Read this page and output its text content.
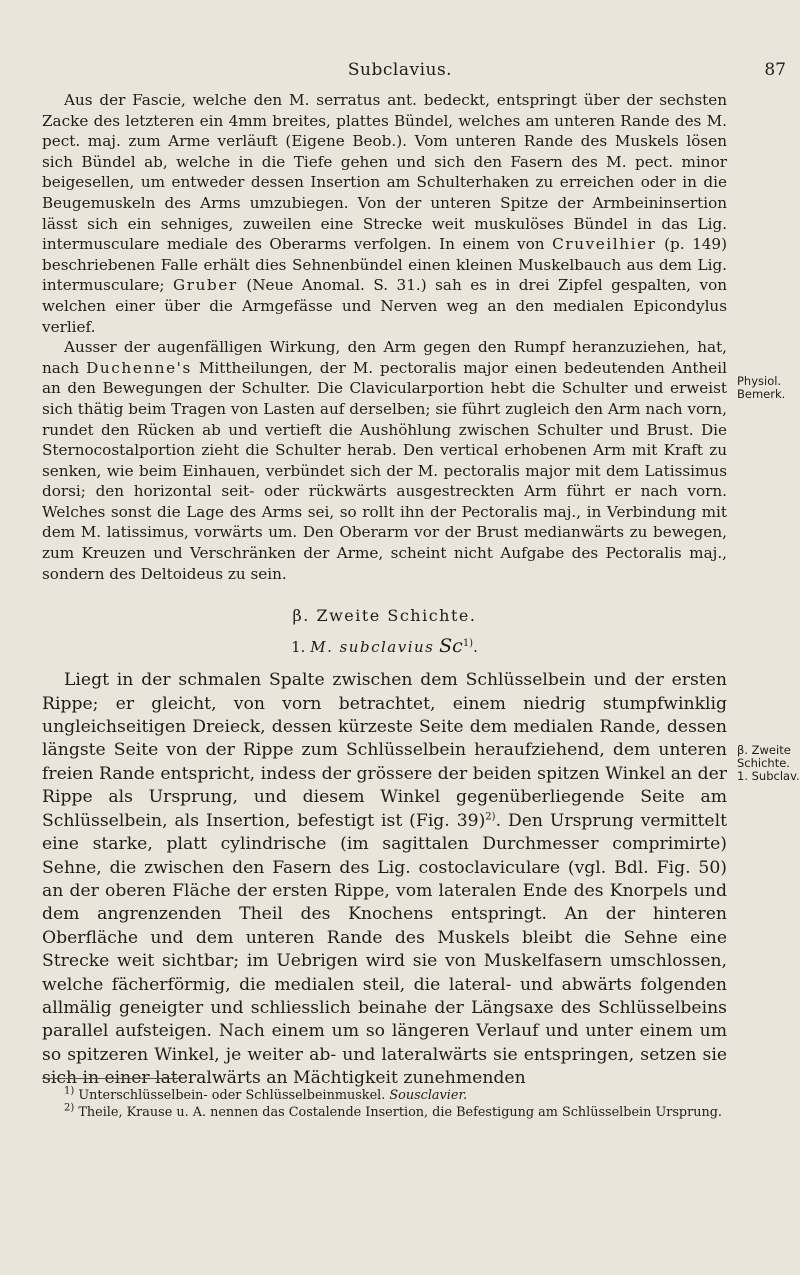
Subclavius.	87

Aus der Fascie, welche den M. serratus ant. bedeckt, entspringt über der sechsten Zacke des letzteren ein 4mm breites, plattes Bündel, welches am unteren Rande des M. pect. maj. zum Arme verläuft (Eigene Beob.). Vom unteren Rande des Muskels lösen sich Bündel ab, welche in die Tiefe gehen und sich den Fasern des M. pect. minor beigesellen, um entweder dessen Insertion am Schulterhaken zu erreichen oder in die Beugemuskeln des Arms umzubiegen. Von der unteren Spitze der Armbeininsertion lässt sich ein sehniges, zuweilen eine Strecke weit muskulöses Bündel in das Lig. intermusculare mediale des Oberarms verfolgen. In einem von Cruveilhier (p. 149) beschriebenen Falle erhält dies Sehnenbündel einen kleinen Muskelbauch aus dem Lig. intermusculare; Gruber (Neue Anomal. S. 31.) sah es in drei Zipfel gespalten, von welchen einer über die Armgefässe und Nerven weg an den medialen Epicondylus verlief.

Ausser der augenfälligen Wirkung, den Arm gegen den Rumpf heranzuziehen, hat, nach Duchenne's Mittheilungen, der M. pectoralis major einen bedeutenden Antheil an den Bewegungen der Schulter. Die Clavicularportion hebt die Schulter und erweist sich thätig beim Tragen von Lasten auf derselben; sie führt zugleich den Arm nach vorn, rundet den Rücken ab und vertieft die Aushöhlung zwischen Schulter und Brust. Die Sternocostalportion zieht die Schulter herab. Den vertical erhobenen Arm mit Kraft zu senken, wie beim Einhauen, verbündet sich der M. pectoralis major mit dem Latissimus dorsi; den horizontal seit- oder rückwärts ausgestreckten Arm führt er nach vorn. Welches sonst die Lage des Arms sei, so rollt ihn der Pectoralis maj., in Verbindung mit dem M. latissimus, vorwärts um. Den Oberarm vor der Brust medianwärts zu bewegen, zum Kreuzen und Verschränken der Arme, scheint nicht Aufgabe des Pectoralis maj., sondern des Deltoideus zu sein.

β. Zweite Schichte.
1. M. subclavius Sc$^{1)}$.

Liegt in der schmalen Spalte zwischen dem Schlüsselbein und der ersten Rippe; er gleicht, von vorn betrachtet, einem niedrig stumpfwinklig ungleichseitigen Dreieck, dessen kürzeste Seite dem medialen Rande, dessen längste Seite von der Rippe zum Schlüsselbein heraufziehend, dem unteren freien Rande entspricht, indess der grössere der beiden spitzen Winkel an der Rippe als Ursprung, und diesem Winkel gegenüberliegende Seite am Schlüsselbein, als Insertion, befestigt ist (Fig. 39)$^{2)}$. Den Ursprung vermittelt eine starke, platt cylindrische (im sagittalen Durchmesser comprimirte) Sehne, die zwischen den Fasern des Lig. costoclaviculare (vgl. Bdl. Fig. 50) an der oberen Fläche der ersten Rippe, vom lateralen Ende des Knorpels und dem angrenzenden Theil des Knochens entspringt. An der hinteren Oberfläche und dem unteren Rande des Muskels bleibt die Sehne eine Strecke weit sichtbar; im Uebrigen wird sie von Muskelfasern umschlossen, welche fächerförmig, die medialen steil, die lateral- und abwärts folgenden allmälig geneigter und schliesslich beinahe der Längsaxe des Schlüsselbeins parallel aufsteigen. Nach einem um so längeren Verlauf und unter einem um so spitzeren Winkel, je weiter ab- und lateralwärts sie entspringen, setzen sie sich in einer lateralwärts an Mächtigkeit zunehmenden

Physiol.
Bemerk.
β. Zweite
Schichte.
1. Subclav.
$^{1)}$ Unterschlüsselbein- oder Schlüsselbeinmuskel. Sousclavier.
$^{2)}$ Theile, Krause u. A. nennen das Costalende Insertion, die Befestigung am Schlüsselbein Ursprung.
